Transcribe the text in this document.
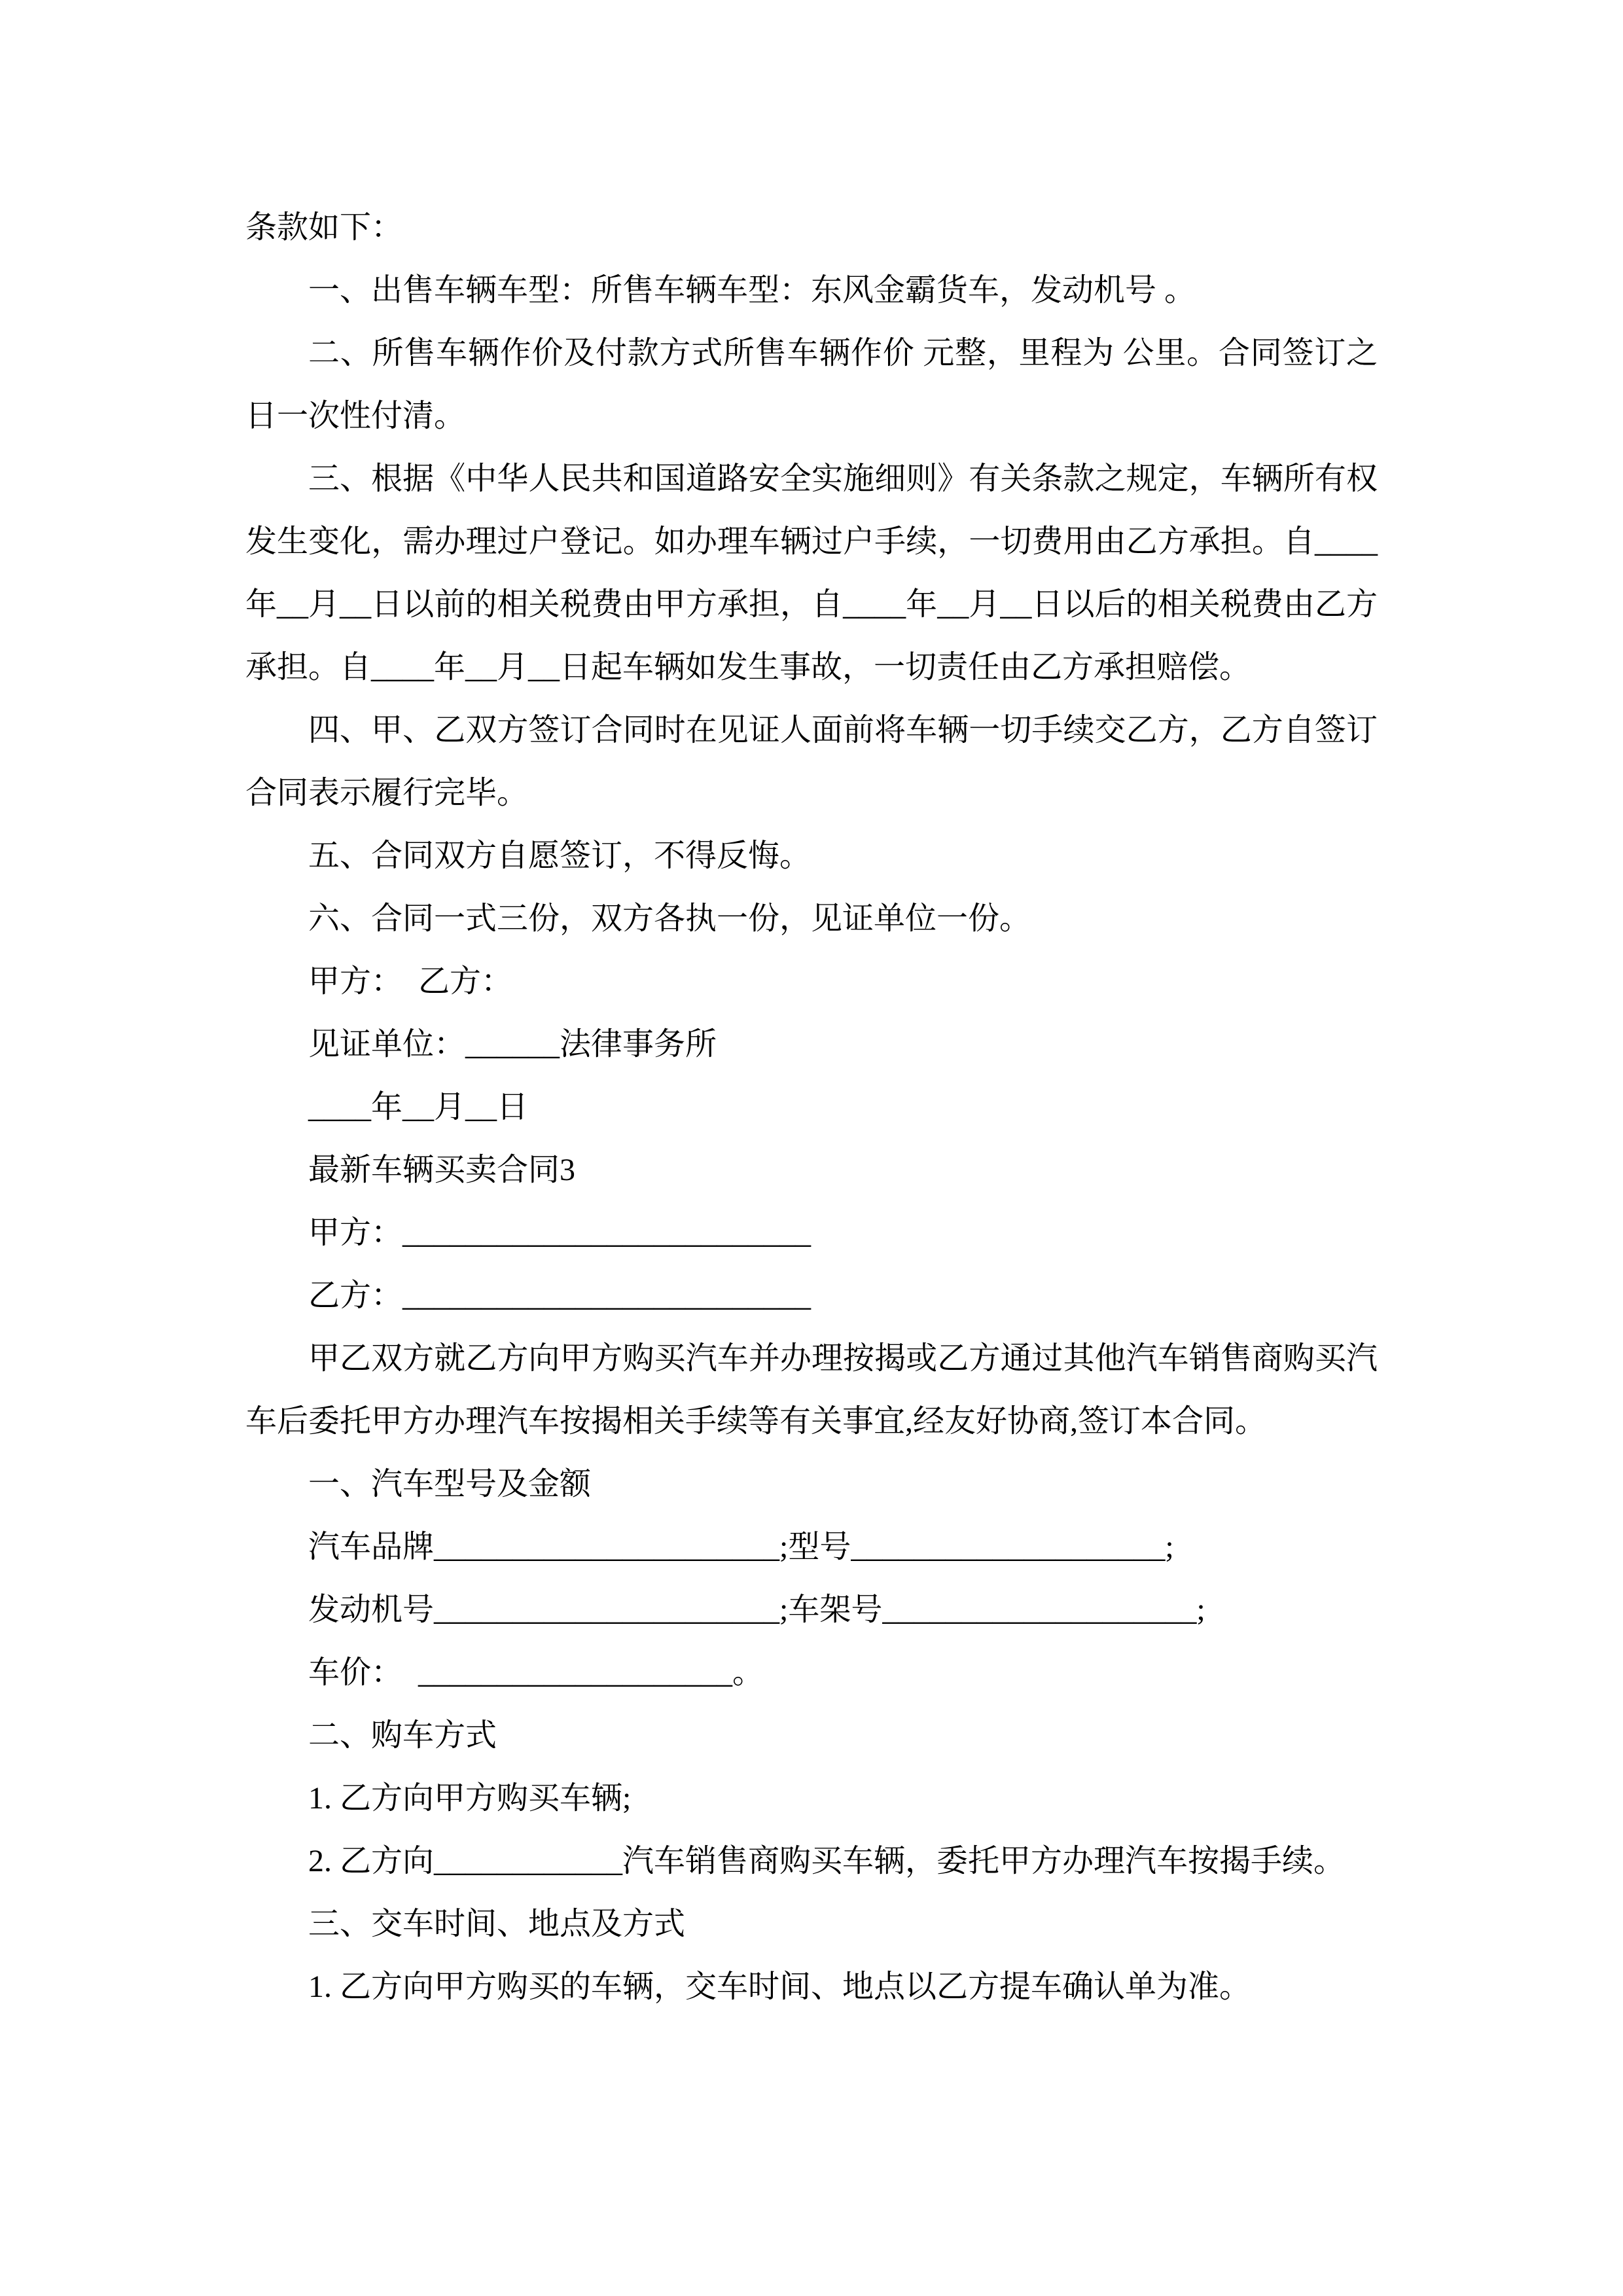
条款如下：

一、出售车辆车型：所售车辆车型：东风金霸货车，发动机号 。

二、所售车辆作价及付款方式所售车辆作价 元整，里程为 公里。合同签订之日一次性付清。

三、根据《中华人民共和国道路安全实施细则》有关条款之规定，车辆所有权发生变化，需办理过户登记。如办理车辆过户手续，一切费用由乙方承担。自____年__月__日以前的相关税费由甲方承担，自____年__月__日以后的相关税费由乙方承担。自____年__月__日起车辆如发生事故，一切责任由乙方承担赔偿。

四、甲、乙双方签订合同时在见证人面前将车辆一切手续交乙方，乙方自签订合同表示履行完毕。

五、合同双方自愿签订，不得反悔。

六、合同一式三份，双方各执一份，见证单位一份。

甲方：　乙方：

见证单位：______法律事务所

____年__月__日

最新车辆买卖合同3

甲方：__________________________

乙方：__________________________

甲乙双方就乙方向甲方购买汽车并办理按揭或乙方通过其他汽车销售商购买汽车后委托甲方办理汽车按揭相关手续等有关事宜,经友好协商,签订本合同。

一、汽车型号及金额

汽车品牌______________________;型号____________________;

发动机号______________________;车架号____________________;

车价：　____________________。

二、购车方式

1. 乙方向甲方购买车辆;

2. 乙方向____________汽车销售商购买车辆，委托甲方办理汽车按揭手续。

三、交车时间、地点及方式

1. 乙方向甲方购买的车辆，交车时间、地点以乙方提车确认单为准。
